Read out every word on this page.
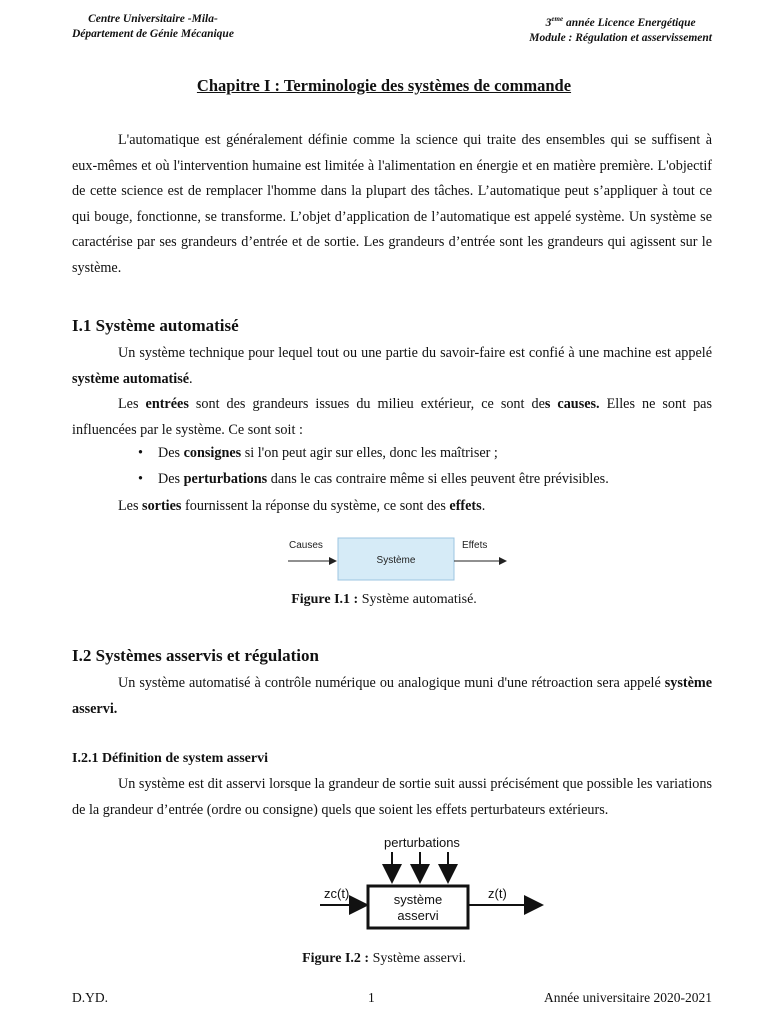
Centre Universitaire -Mila-
Département de Génie Mécanique
3eme année Licence Energétique
Module : Régulation et asservissement
Chapitre I : Terminologie des systèmes de commande

L'automatique est généralement définie comme la science qui traite des ensembles qui se suffisent à eux-mêmes et où l'intervention humaine est limitée à l'alimentation en énergie et en matière première. L'objectif de cette science est de remplacer l'homme dans la plupart des tâches. L’automatique peut s’appliquer à tout ce qui bouge, fonctionne, se transforme. L’objet d’application de l’automatique est appelé système. Un système se caractérise par ses grandeurs d’entrée et de sortie. Les grandeurs d’entrée sont les grandeurs qui agissent sur le système.

I.1 Système automatisé

Un système technique pour lequel tout ou une partie du savoir-faire est confié à une machine est appelé système automatisé.

Les entrées sont des grandeurs issues du milieu extérieur, ce sont des causes. Elles ne sont pas influencées par le système. Ce sont soit :

• Des consignes si l'on peut agir sur elles, donc les maîtriser ;
• Des perturbations dans le cas contraire même si elles peuvent être prévisibles.

Les sorties fournissent la réponse du système, ce sont des effets.

Causes
Système
Effets
Figure I.1 : Système automatisé.
I.2 Systèmes asservis et régulation

Un système automatisé à contrôle numérique ou analogique muni d'une rétroaction sera appelé système asservi.

I.2.1 Définition de system asservi

Un système est dit asservi lorsque la grandeur de sortie suit aussi précisément que possible les variations de la grandeur d’entrée (ordre ou consigne) quels que soient les effets perturbateurs extérieurs.

perturbations
zc(t)	système
asservi
z(t)
Figure I.2 : Système asservi.
D.YD.	1	Année universitaire 2020-2021
